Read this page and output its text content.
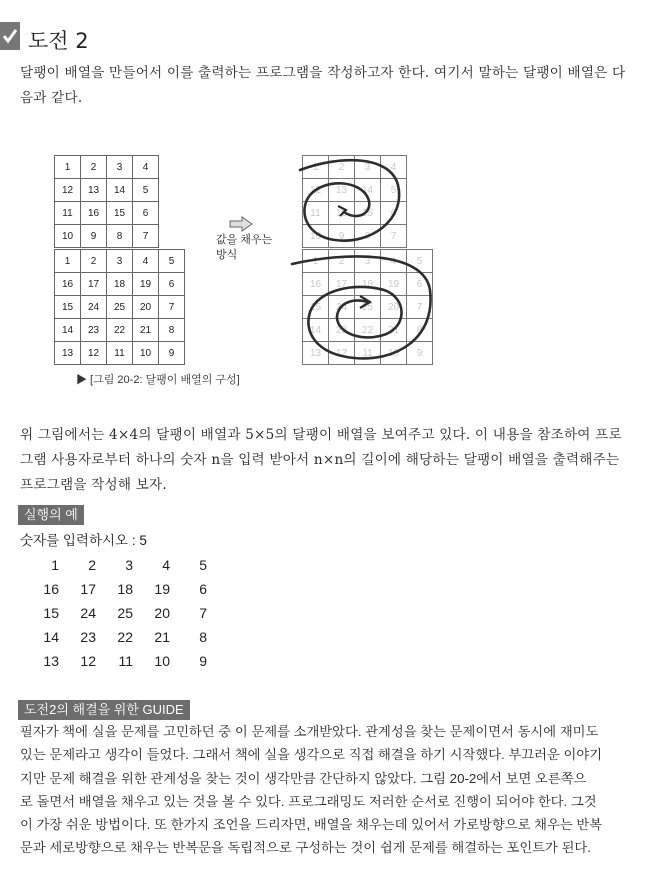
도전 2
달팽이 배열을 만들어서 이를 출력하는 프로그램을 작성하고자 한다. 여기서 말하는 달팽이 배열은 다음과 같다.
1	2	3	4
12	13	14	5
11	16	15	6
10	9	8	7
1	2	3	4	5
16	17	18	19	6
15	24	25	20	7
14	23	22	21	8
13	12	11	10	9
값을 채우는
방식
1	2	3	4
12	13	14	5
11	16	15	6
10	9	8	7
1	2	3	4	5
16	17	18	19	6
15	24	25	20	7
14	23	22	21	8
13	12	11	10	9
▶ [그림 20-2: 달팽이 배열의 구성]
위 그림에서는 4×4의 달팽이 배열과 5×5의 달팽이 배열을 보여주고 있다. 이 내용을 참조하여 프로그램 사용자로부터 하나의 숫자 n을 입력 받아서 n×n의 길이에 해당하는 달팽이 배열을 출력해주는 프로그램을 작성해 보자.
실행의 예
숫자를 입력하시오 : 5
1	2	3	4	5
16	17	18	19	6
15	24	25	20	7
14	23	22	21	8
13	12	11	10	9
도전2의 해결을 위한 GUIDE
필자가 책에 실을 문제를 고민하던 중 이 문제를 소개받았다. 관계성을 찾는 문제이면서 동시에 재미도
있는 문제라고 생각이 들었다. 그래서 책에 실을 생각으로 직접 해결을 하기 시작했다. 부끄러운 이야기
지만 문제 해결을 위한 관계성을 찾는 것이 생각만큼 간단하지 않았다. 그림 20-2에서 보면 오른쪽으
로 돌면서 배열을 채우고 있는 것을 볼 수 있다. 프로그래밍도 저러한 순서로 진행이 되어야 한다. 그것
이 가장 쉬운 방법이다. 또 한가지 조언을 드리자면, 배열을 채우는데 있어서 가로방향으로 채우는 반복
문과 세로방향으로 채우는 반복문을 독립적으로 구성하는 것이 쉽게 문제를 해결하는 포인트가 된다.
